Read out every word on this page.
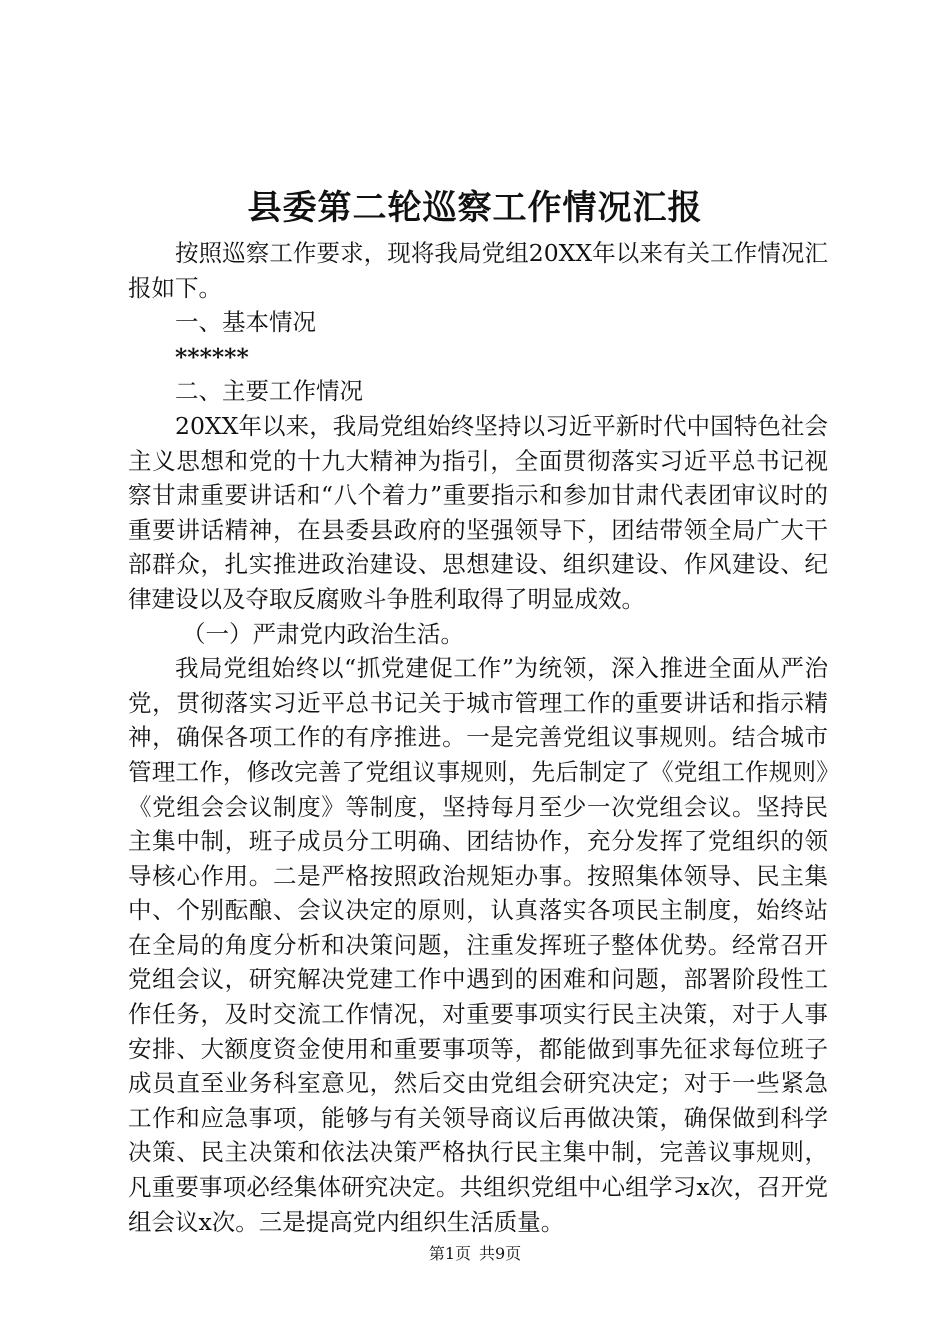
县委第二轮巡察工作情况汇报

按照巡察工作要求，现将我局党组20XX年以来有关工作情况汇报如下。

一、基本情况

******

二、主要工作情况

20XX年以来，我局党组始终坚持以习近平新时代中国特色社会主义思想和党的十九大精神为指引，全面贯彻落实习近平总书记视察甘肃重要讲话和“八个着力”重要指示和参加甘肃代表团审议时的重要讲话精神，在县委县政府的坚强领导下，团结带领全局广大干部群众，扎实推进政治建设、思想建设、组织建设、作风建设、纪律建设以及夺取反腐败斗争胜利取得了明显成效。

（一）严肃党内政治生活。

我局党组始终以“抓党建促工作”为统领，深入推进全面从严治党，贯彻落实习近平总书记关于城市管理工作的重要讲话和指示精神，确保各项工作的有序推进。一是完善党组议事规则。结合城市管理工作，修改完善了党组议事规则，先后制定了《党组工作规则》《党组会会议制度》等制度，坚持每月至少一次党组会议。坚持民主集中制，班子成员分工明确、团结协作，充分发挥了党组织的领导核心作用。二是严格按照政治规矩办事。按照集体领导、民主集中、个别酝酿、会议决定的原则，认真落实各项民主制度，始终站在全局的角度分析和决策问题，注重发挥班子整体优势。经常召开党组会议，研究解决党建工作中遇到的困难和问题，部署阶段性工作任务，及时交流工作情况，对重要事项实行民主决策，对于人事安排、大额度资金使用和重要事项等，都能做到事先征求每位班子成员直至业务科室意见，然后交由党组会研究决定；对于一些紧急工作和应急事项，能够与有关领导商议后再做决策，确保做到科学决策、民主决策和依法决策严格执行民主集中制，完善议事规则，凡重要事项必经集体研究决定。共组织党组中心组学习x次，召开党组会议x次。三是提高党内组织生活质量。

第1页 共9页
